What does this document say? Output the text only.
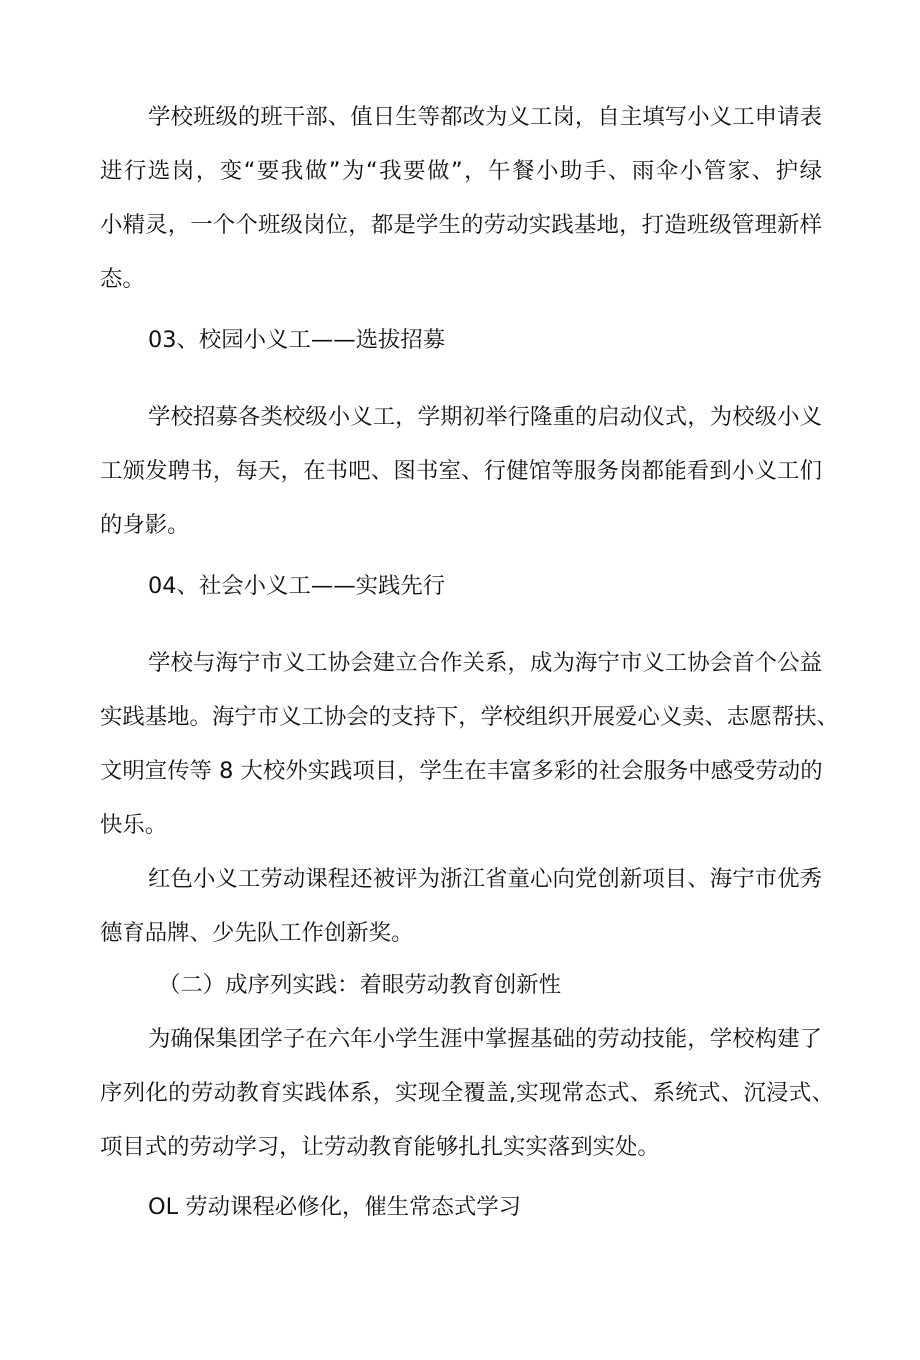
学校班级的班干部、值日生等都改为义工岗，自主填写小义工申请表
进行选岗，变“要我做”为“我要做”，午餐小助手、雨伞小管家、护绿
小精灵，一个个班级岗位，都是学生的劳动实践基地，打造班级管理新样
态。
03、校园小义工——选拔招募
学校招募各类校级小义工，学期初举行隆重的启动仪式，为校级小义
工颁发聘书，每天，在书吧、图书室、行健馆等服务岗都能看到小义工们
的身影。
04、社会小义工——实践先行
学校与海宁市义工协会建立合作关系，成为海宁市义工协会首个公益
实践基地。海宁市义工协会的支持下，学校组织开展爱心义卖、志愿帮扶、
文明宣传等 8 大校外实践项目，学生在丰富多彩的社会服务中感受劳动的
快乐。
红色小义工劳动课程还被评为浙江省童心向党创新项目、海宁市优秀
德育品牌、少先队工作创新奖。
（二）成序列实践：着眼劳动教育创新性
为确保集团学子在六年小学生涯中掌握基础的劳动技能，学校构建了
序列化的劳动教育实践体系，实现全覆盖,实现常态式、系统式、沉浸式、
项目式的劳动学习，让劳动教育能够扎扎实实落到实处。
OL 劳动课程必修化，催生常态式学习
